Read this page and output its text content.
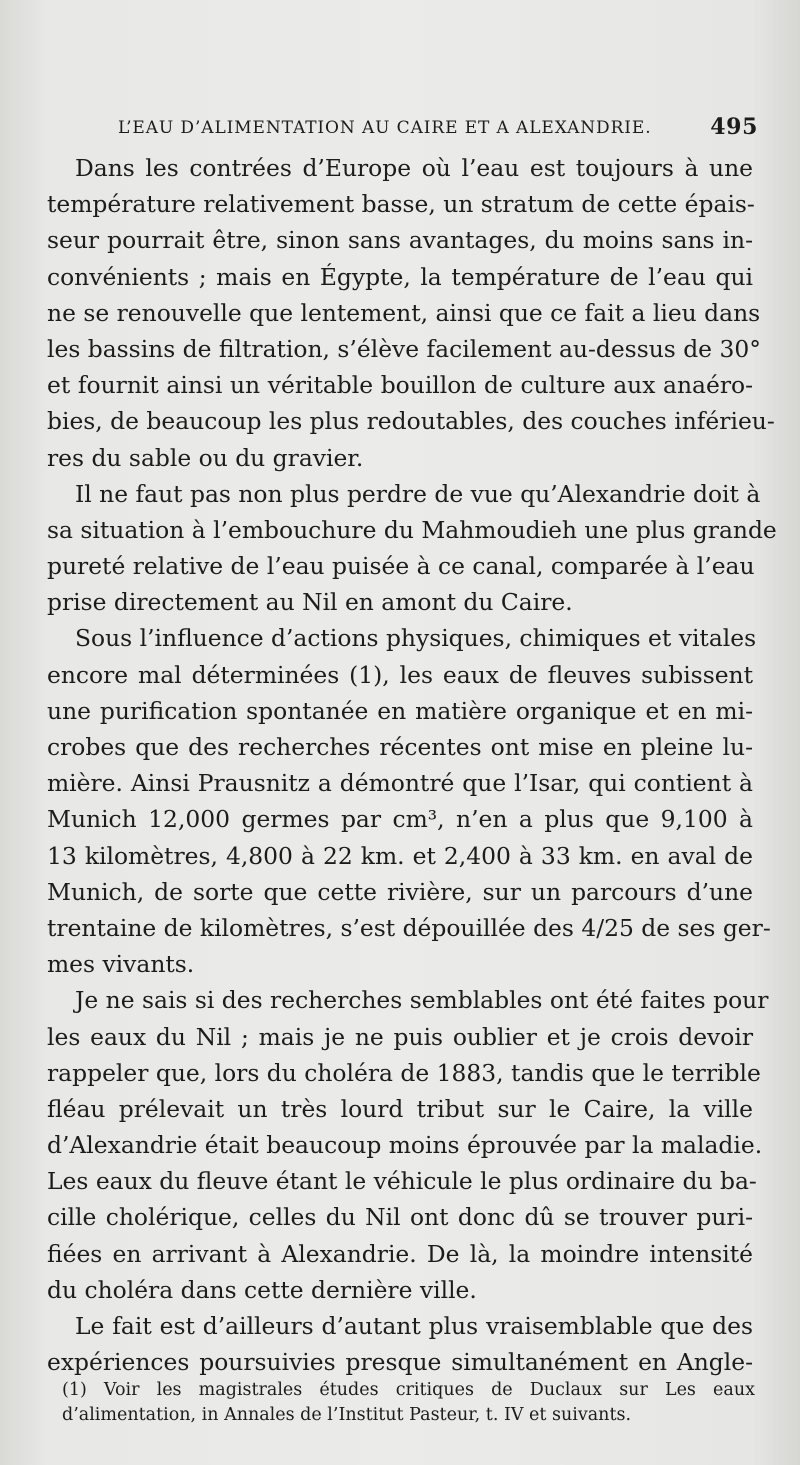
L’EAU D’ALIMENTATION AU CAIRE ET A ALEXANDRIE.	495
Dans les contrées d’Europe où l’eau est toujours à une
température relativement basse, un stratum de cette épais-
seur pourrait être, sinon sans avantages, du moins sans in-
convénients ; mais en Égypte, la température de l’eau qui
ne se renouvelle que lentement, ainsi que ce fait a lieu dans
les bassins de filtration, s’élève facilement au-dessus de 30°
et fournit ainsi un véritable bouillon de culture aux anaéro-
bies, de beaucoup les plus redoutables, des couches inférieu-
res du sable ou du gravier.
Il ne faut pas non plus perdre de vue qu’Alexandrie doit à
sa situation à l’embouchure du Mahmoudieh une plus grande
pureté relative de l’eau puisée à ce canal, comparée à l’eau
prise directement au Nil en amont du Caire.
Sous l’influence d’actions physiques, chimiques et vitales
encore mal déterminées (1), les eaux de fleuves subissent
une purification spontanée en matière organique et en mi-
crobes que des recherches récentes ont mise en pleine lu-
mière. Ainsi Prausnitz a démontré que l’Isar, qui contient à
Munich 12,000 germes par cm³, n’en a plus que 9,100 à
13 kilomètres, 4,800 à 22 km. et 2,400 à 33 km. en aval de
Munich, de sorte que cette rivière, sur un parcours d’une
trentaine de kilomètres, s’est dépouillée des 4/25 de ses ger-
mes vivants.
Je ne sais si des recherches semblables ont été faites pour
les eaux du Nil ; mais je ne puis oublier et je crois devoir
rappeler que, lors du choléra de 1883, tandis que le terrible
fléau prélevait un très lourd tribut sur le Caire, la ville
d’Alexandrie était beaucoup moins éprouvée par la maladie.
Les eaux du fleuve étant le véhicule le plus ordinaire du ba-
cille cholérique, celles du Nil ont donc dû se trouver puri-
fiées en arrivant à Alexandrie. De là, la moindre intensité
du choléra dans cette dernière ville.
Le fait est d’ailleurs d’autant plus vraisemblable que des
expériences poursuivies presque simultanément en Angle-
(1) Voir les magistrales études critiques de Duclaux sur Les eaux
d’alimentation, in Annales de l’Institut Pasteur, t. IV et suivants.
